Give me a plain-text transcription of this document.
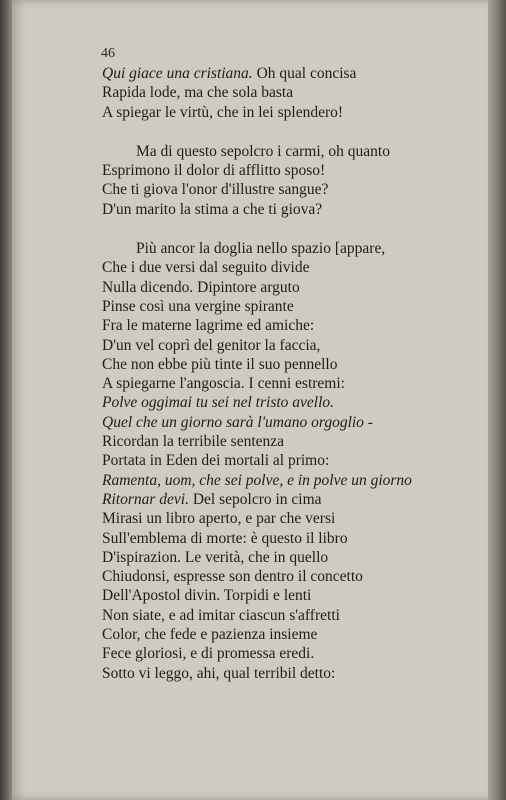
46
Qui giace una cristiana. Oh qual concisa
Rapida lode, ma che sola basta
A spiegar le virtù, che in lei splendero!
Ma di questo sepolcro i carmi, oh quanto
Esprimono il dolor di afflitto sposo!
Che ti giova l'onor d'illustre sangue?
D'un marito la stima a che ti giova?
Più ancor la doglia nello spazio [appare,
Che i due versi dal seguito divide
Nulla dicendo. Dipintore arguto
Pinse così una vergine spirante
Fra le materne lagrime ed amiche:
D'un vel coprì del genitor la faccia,
Che non ebbe più tinte il suo pennello
A spiegarne l'angoscia. I cenni estremi:
Polve oggimai tu sei nel tristo avello.
Quel che un giorno sarà l'umano orgoglio -
Ricordan la terribile sentenza
Portata in Eden dei mortali al primo:
Ramenta, uom, che sei polve, e in polve un giorno
Ritornar devi. Del sepolcro in cima
Mirasi un libro aperto, e par che versi
Sull'emblema di morte: è questo il libro
D'ispirazion. Le verità, che in quello
Chiudonsi, espresse son dentro il concetto
Dell'Apostol divin. Torpidi e lenti
Non siate, e ad imitar ciascun s'affretti
Color, che fede e pazienza insieme
Fece gloriosi, e di promessa eredi.
Sotto vi leggo, ahi, qual terribil detto:
